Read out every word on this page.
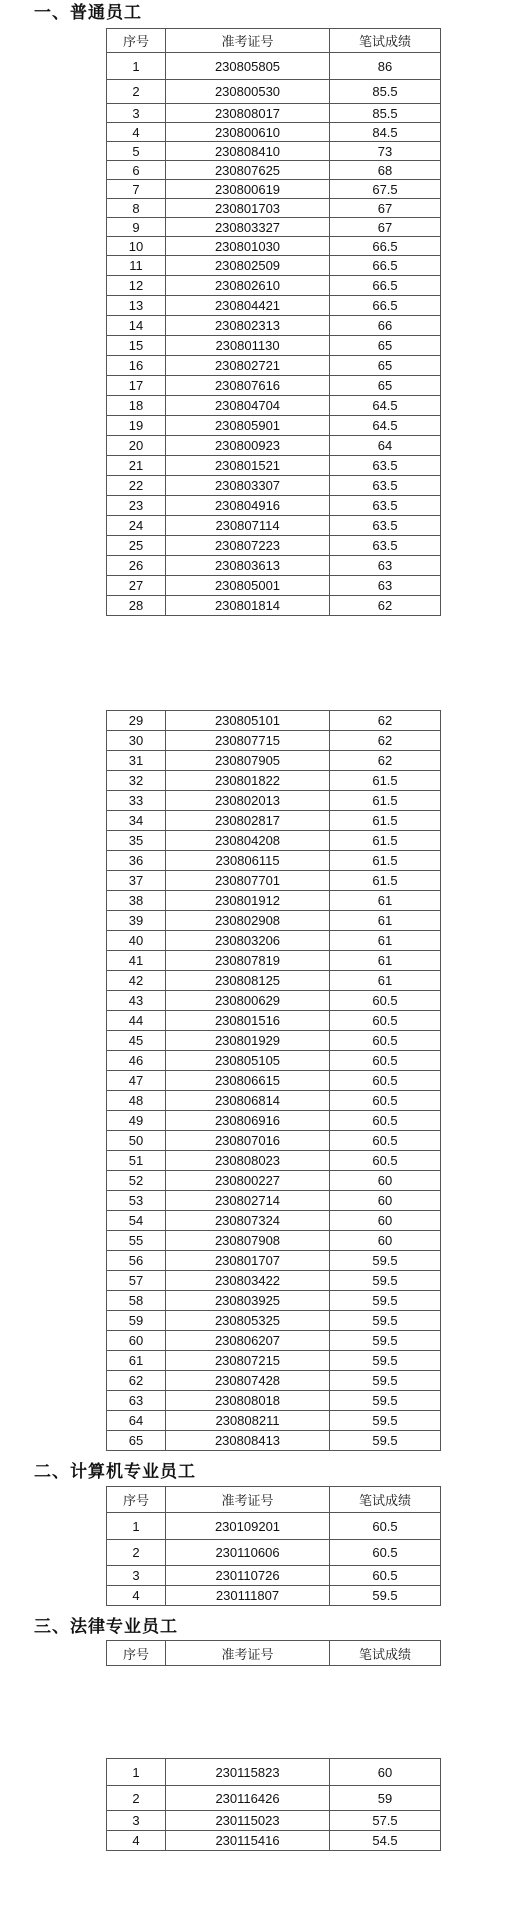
一、普通员工
二、计算机专业员工
三、法律专业员工
序号	准考证号	笔试成绩
1	230805805	86
2	230800530	85.5
3	230808017	85.5
4	230800610	84.5
5	230808410	73
6	230807625	68
7	230800619	67.5
8	230801703	67
9	230803327	67
10	230801030	66.5
11	230802509	66.5
12	230802610	66.5
13	230804421	66.5
14	230802313	66
15	230801130	65
16	230802721	65
17	230807616	65
18	230804704	64.5
19	230805901	64.5
20	230800923	64
21	230801521	63.5
22	230803307	63.5
23	230804916	63.5
24	230807114	63.5
25	230807223	63.5
26	230803613	63
27	230805001	63
28	230801814	62
29	230805101	62
30	230807715	62
31	230807905	62
32	230801822	61.5
33	230802013	61.5
34	230802817	61.5
35	230804208	61.5
36	230806115	61.5
37	230807701	61.5
38	230801912	61
39	230802908	61
40	230803206	61
41	230807819	61
42	230808125	61
43	230800629	60.5
44	230801516	60.5
45	230801929	60.5
46	230805105	60.5
47	230806615	60.5
48	230806814	60.5
49	230806916	60.5
50	230807016	60.5
51	230808023	60.5
52	230800227	60
53	230802714	60
54	230807324	60
55	230807908	60
56	230801707	59.5
57	230803422	59.5
58	230803925	59.5
59	230805325	59.5
60	230806207	59.5
61	230807215	59.5
62	230807428	59.5
63	230808018	59.5
64	230808211	59.5
65	230808413	59.5
序号	准考证号	笔试成绩
1	230109201	60.5
2	230110606	60.5
3	230110726	60.5
4	230111807	59.5
序号	准考证号	笔试成绩
1	230115823	60
2	230116426	59
3	230115023	57.5
4	230115416	54.5
